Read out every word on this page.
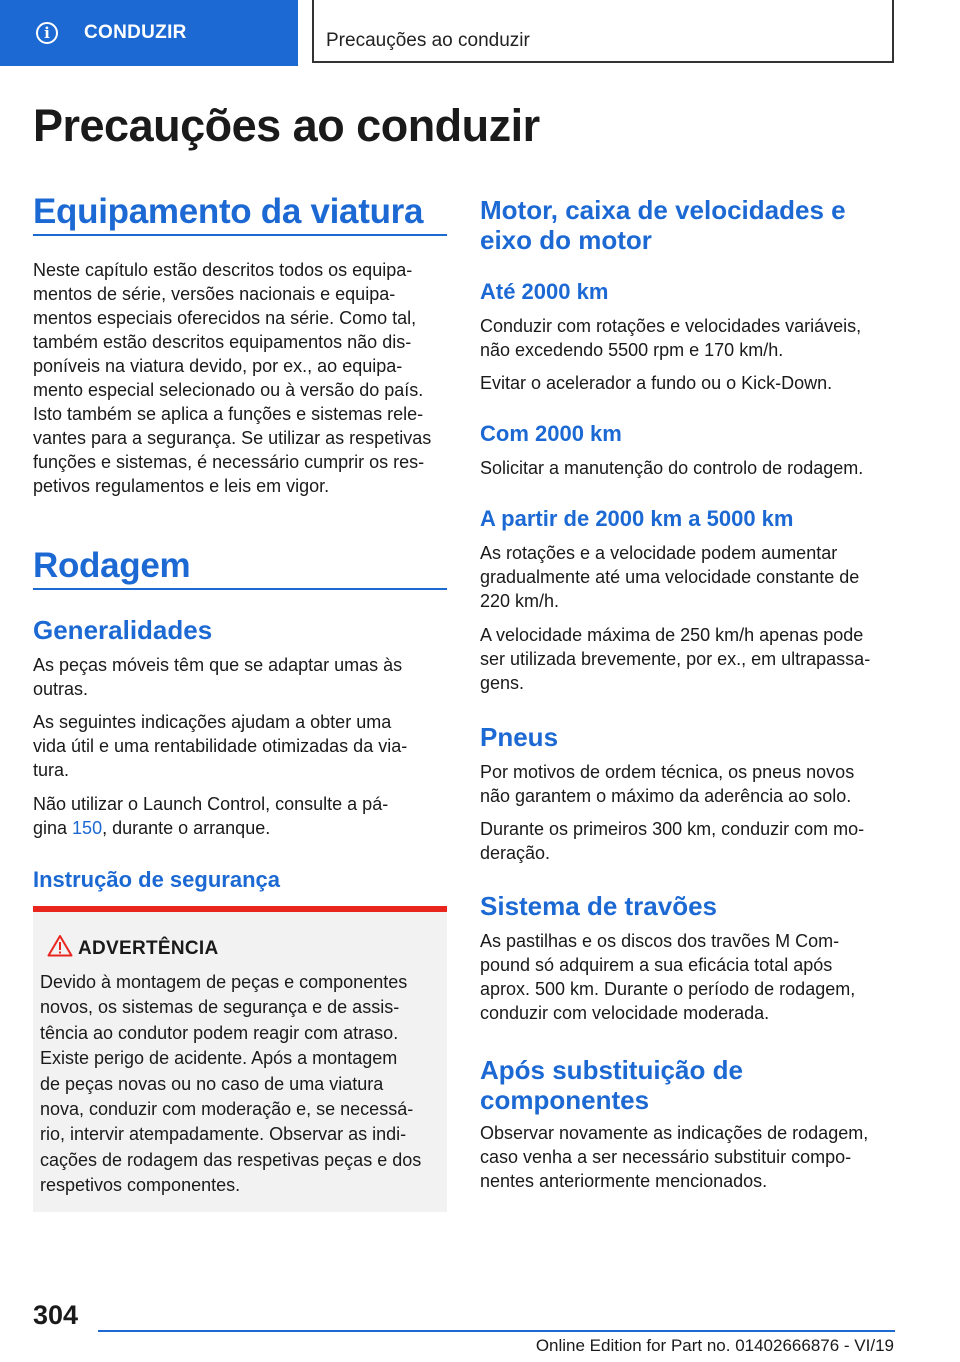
i	CONDUZIR	Precauções ao conduzir
Precauções ao conduzir
Equipamento da viatura

Neste capítulo estão descritos todos os equipa-
mentos de série, versões nacionais e equipa-
mentos especiais oferecidos na série. Como tal,
também estão descritos equipamentos não dis-
poníveis na viatura devido, por ex., ao equipa-
mento especial selecionado ou à versão do país.
Isto também se aplica a funções e sistemas rele-
vantes para a segurança. Se utilizar as respetivas
funções e sistemas, é necessário cumprir os res-
petivos regulamentos e leis em vigor.

Rodagem
Generalidades

As peças móveis têm que se adaptar umas às
outras.

As seguintes indicações ajudam a obter uma
vida útil e uma rentabilidade otimizadas da via-
tura.

Não utilizar o Launch Control, consulte a pá-
gina 150, durante o arranque.

Instrução de segurança
ADVERTÊNCIA

Devido à montagem de peças e componentes
novos, os sistemas de segurança e de assis-
tência ao condutor podem reagir com atraso.
Existe perigo de acidente. Após a montagem
de peças novas ou no caso de uma viatura
nova, conduzir com moderação e, se necessá-
rio, intervir atempadamente. Observar as indi-
cações de rodagem das respetivas peças e dos
respetivos componentes.

Motor, caixa de velocidades e
eixo do motor
Até 2000 km

Conduzir com rotações e velocidades variáveis,
não excedendo 5500 rpm e 170 km/h.

Evitar o acelerador a fundo ou o Kick-Down.

Com 2000 km

Solicitar a manutenção do controlo de rodagem.

A partir de 2000 km a 5000 km

As rotações e a velocidade podem aumentar
gradualmente até uma velocidade constante de
220 km/h.

A velocidade máxima de 250 km/h apenas pode
ser utilizada brevemente, por ex., em ultrapassa-
gens.

Pneus

Por motivos de ordem técnica, os pneus novos
não garantem o máximo da aderência ao solo.

Durante os primeiros 300 km, conduzir com mo-
deração.

Sistema de travões

As pastilhas e os discos dos travões M Com-
pound só adquirem a sua eficácia total após
aprox. 500 km. Durante o período de rodagem,
conduzir com velocidade moderada.

Após substituição de
componentes

Observar novamente as indicações de rodagem,
caso venha a ser necessário substituir compo-
nentes anteriormente mencionados.

304
Online Edition for Part no. 01402666876 - VI/19
